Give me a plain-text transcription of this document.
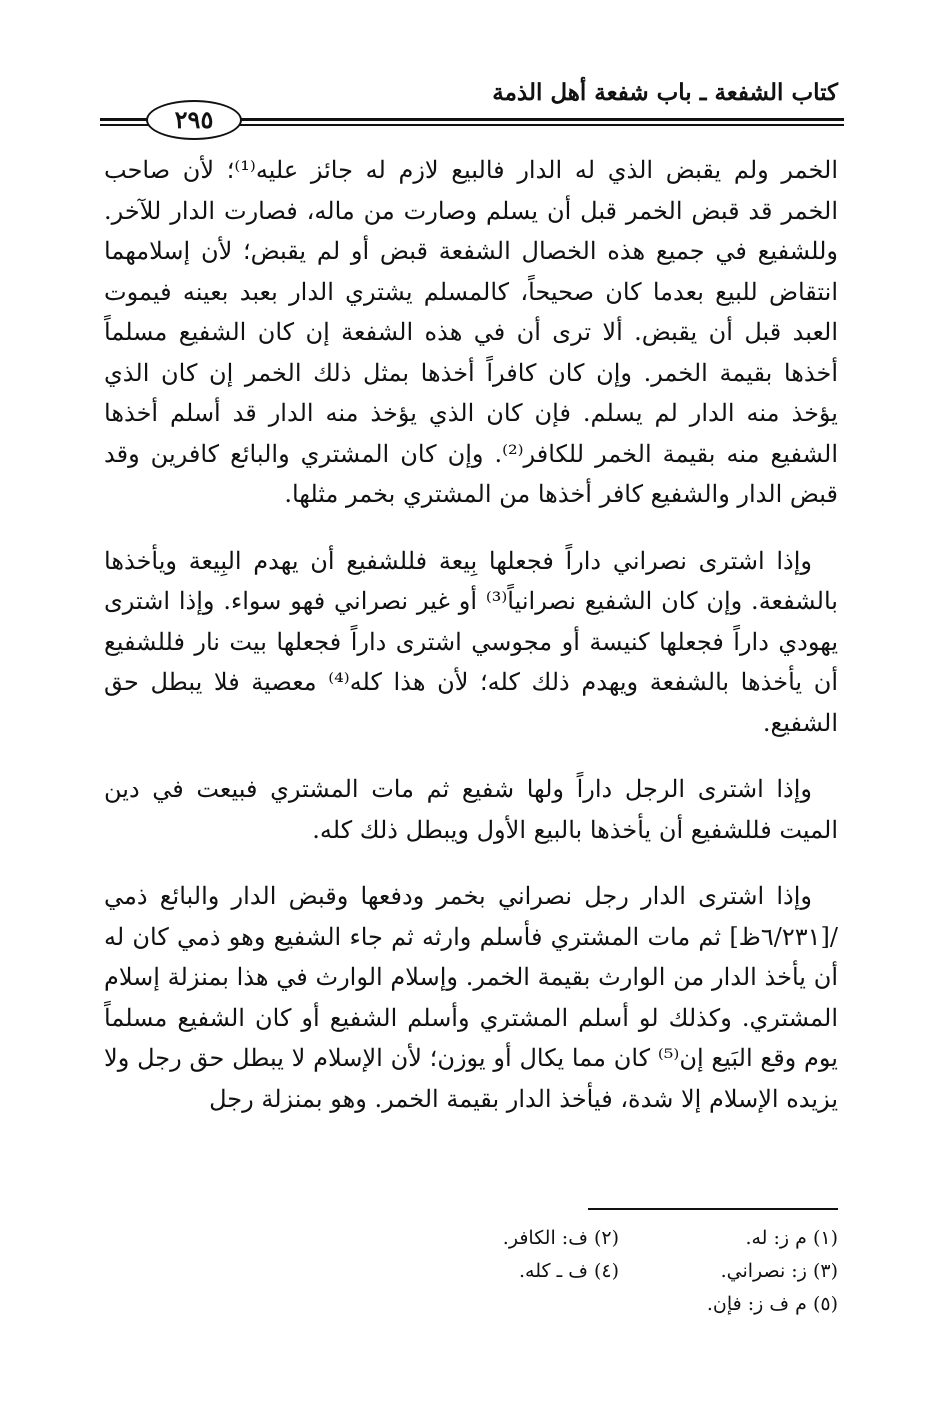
كتاب الشفعة ـ باب شفعة أهل الذمة
٢٩٥

الخمر ولم يقبض الذي له الدار فالبيع لازم له جائز عليه⁽¹⁾؛ لأن صاحب الخمر قد قبض الخمر قبل أن يسلم وصارت من ماله، فصارت الدار للآخر. وللشفيع في جميع هذه الخصال الشفعة قبض أو لم يقبض؛ لأن إسلامهما انتقاض للبيع بعدما كان صحيحاً، كالمسلم يشتري الدار بعبد بعينه فيموت العبد قبل أن يقبض. ألا ترى أن في هذه الشفعة إن كان الشفيع مسلماً أخذها بقيمة الخمر. وإن كان كافراً أخذها بمثل ذلك الخمر إن كان الذي يؤخذ منه الدار لم يسلم. فإن كان الذي يؤخذ منه الدار قد أسلم أخذها الشفيع منه بقيمة الخمر للكافر⁽²⁾. وإن كان المشتري والبائع كافرين وقد قبض الدار والشفيع كافر أخذها من المشتري بخمر مثلها.

وإذا اشترى نصراني داراً فجعلها بِيعة فللشفيع أن يهدم البِيعة ويأخذها بالشفعة. وإن كان الشفيع نصرانياً⁽³⁾ أو غير نصراني فهو سواء. وإذا اشترى يهودي داراً فجعلها كنيسة أو مجوسي اشترى داراً فجعلها بيت نار فللشفيع أن يأخذها بالشفعة ويهدم ذلك كله؛ لأن هذا كله⁽⁴⁾ معصية فلا يبطل حق الشفيع.

وإذا اشترى الرجل داراً ولها شفيع ثم مات المشتري فبيعت في دين الميت فللشفيع أن يأخذها بالبيع الأول ويبطل ذلك كله.

وإذا اشترى الدار رجل نصراني بخمر ودفعها وقبض الدار والبائع ذمي /[٦/٢٣١ظ] ثم مات المشتري فأسلم وارثه ثم جاء الشفيع وهو ذمي كان له أن يأخذ الدار من الوارث بقيمة الخمر. وإسلام الوارث في هذا بمنزلة إسلام المشتري. وكذلك لو أسلم المشتري وأسلم الشفيع أو كان الشفيع مسلماً يوم وقع البَيع إن⁽⁵⁾ كان مما يكال أو يوزن؛ لأن الإسلام لا يبطل حق رجل ولا يزيده الإسلام إلا شدة، فيأخذ الدار بقيمة الخمر. وهو بمنزلة رجل

(١) م ز: له.
(٢) ف: الكافر.
(٣) ز: نصراني.
(٤) ف ـ كله.
(٥) م ف ز: فإن.
